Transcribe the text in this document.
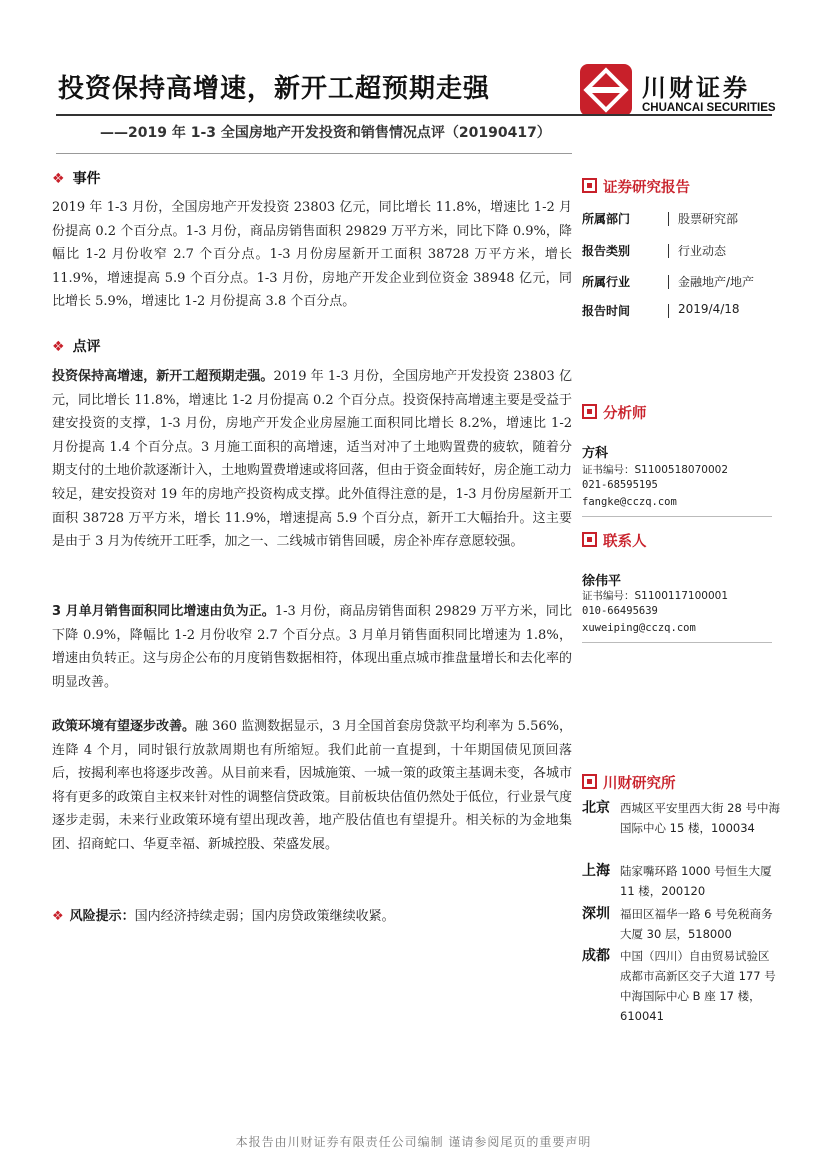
投资保持高增速，新开工超预期走强	川财证券
CHUANCAI SECURITIES
——2019 年 1-3 全国房地产开发投资和销售情况点评（20190417）
❖ 事件
2019 年 1-3 月份，全国房地产开发投资 23803 亿元，同比增长 11.8%，增速比 1-2 月份提高 0.2 个百分点。1-3 月份，商品房销售面积 29829 万平方米，同比下降 0.9%，降幅比 1-2 月份收窄 2.7 个百分点。1-3 月份房屋新开工面积 38728 万平方米，增长 11.9%，增速提高 5.9 个百分点。1-3 月份，房地产开发企业到位资金 38948 亿元，同比增长 5.9%，增速比 1-2 月份提高 3.8 个百分点。
❖ 点评
投资保持高增速，新开工超预期走强。2019 年 1-3 月份，全国房地产开发投资 23803 亿元，同比增长 11.8%，增速比 1-2 月份提高 0.2 个百分点。投资保持高增速主要是受益于建安投资的支撑，1-3 月份，房地产开发企业房屋施工面积同比增长 8.2%，增速比 1-2 月份提高 1.4 个百分点。3 月施工面积的高增速，适当对冲了土地购置费的疲软，随着分期支付的土地价款逐渐计入，土地购置费增速或将回落，但由于资金面转好，房企施工动力较足，建安投资对 19 年的房地产投资构成支撑。此外值得注意的是，1-3 月份房屋新开工面积 38728 万平方米，增长 11.9%，增速提高 5.9 个百分点，新开工大幅抬升。这主要是由于 3 月为传统开工旺季，加之一、二线城市销售回暖，房企补库存意愿较强。
3 月单月销售面积同比增速由负为正。1-3 月份，商品房销售面积 29829 万平方米，同比下降 0.9%，降幅比 1-2 月份收窄 2.7 个百分点。3 月单月销售面积同比增速为 1.8%，增速由负转正。这与房企公布的月度销售数据相符，体现出重点城市推盘量增长和去化率的明显改善。
政策环境有望逐步改善。融 360 监测数据显示，3 月全国首套房贷款平均利率为 5.56%，连降 4 个月，同时银行放款周期也有所缩短。我们此前一直提到，十年期国债见顶回落后，按揭利率也将逐步改善。从目前来看，因城施策、一城一策的政策主基调未变，各城市将有更多的政策自主权来针对性的调整信贷政策。目前板块估值仍然处于低位，行业景气度逐步走弱，未来行业政策环境有望出现改善，地产股估值也有望提升。相关标的为金地集团、招商蛇口、华夏幸福、新城控股、荣盛发展。
❖ 风险提示：国内经济持续走弱；国内房贷政策继续收紧。
证券研究报告
所属部门	股票研究部
报告类别	行业动态
所属行业	金融地产/地产
报告时间	2019/4/18
分析师
方科
证书编号：S1100518070002
021-68595195
fangke@cczq.com
联系人
徐伟平
证书编号：S1100117100001
010-66495639
xuweiping@cczq.com
川财研究所
北京 西城区平安里西大街 28 号中海国际中心 15 楼，100034
上海 陆家嘴环路 1000 号恒生大厦 11 楼，200120
深圳 福田区福华一路 6 号免税商务大厦 30 层，518000
成都 中国（四川）自由贸易试验区成都市高新区交子大道 177 号中海国际中心 B 座 17 楼，610041
本报告由川财证券有限责任公司编制 谨请参阅尾页的重要声明
